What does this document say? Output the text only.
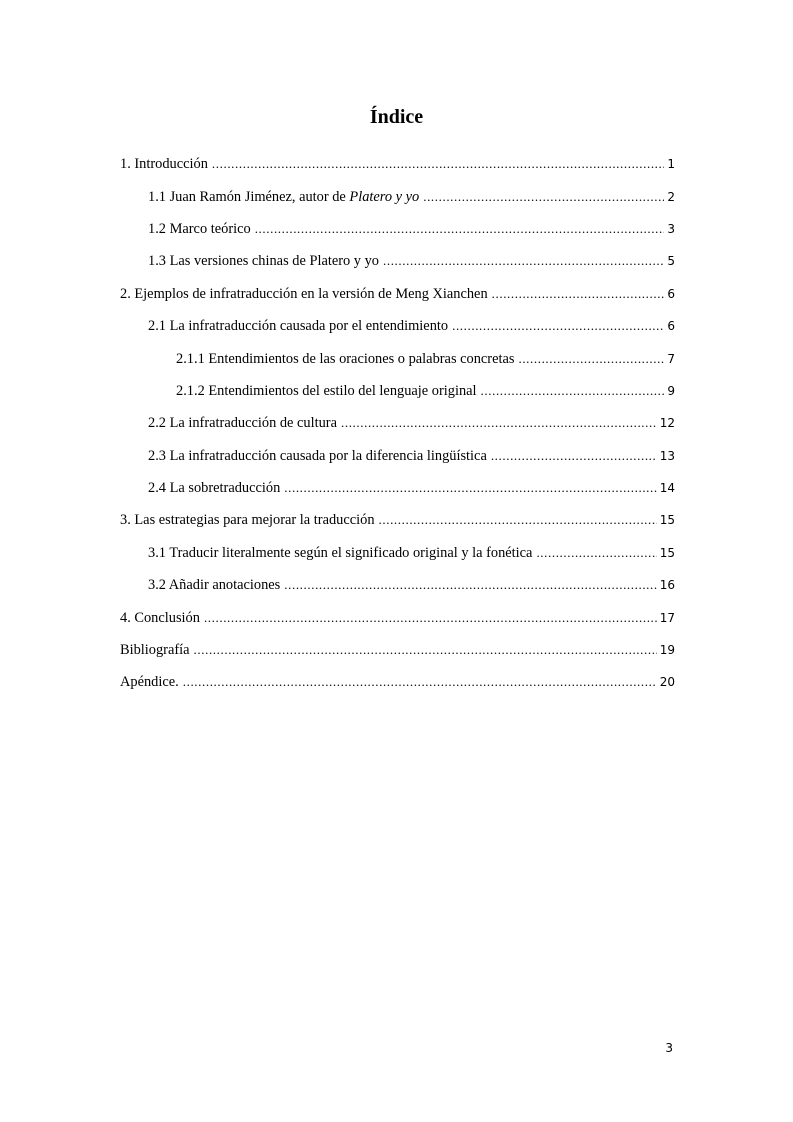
Índice
1. Introducción .....	1
1.1 Juan Ramón Jiménez, autor de Platero y yo .....	2
1.2 Marco teórico .....	3
1.3 Las versiones chinas de Platero y yo .....	5
2. Ejemplos de infratraducción en la versión de Meng Xianchen .....	6
2.1 La infratraducción causada por el entendimiento .....	6
2.1.1 Entendimientos de las oraciones o palabras concretas .....	7
2.1.2 Entendimientos del estilo del lenguaje original .....	9
2.2 La infratraducción de cultura .....	12
2.3 La infratraducción causada por la diferencia lingüística .....	13
2.4 La sobretraducción .....	14
3. Las estrategias para mejorar la traducción .....	15
3.1 Traducir literalmente según el significado original y la fonética .....	15
3.2 Añadir anotaciones .....	16
4. Conclusión .....	17
Bibliografía .....	19
Apéndice. .....	20
3
